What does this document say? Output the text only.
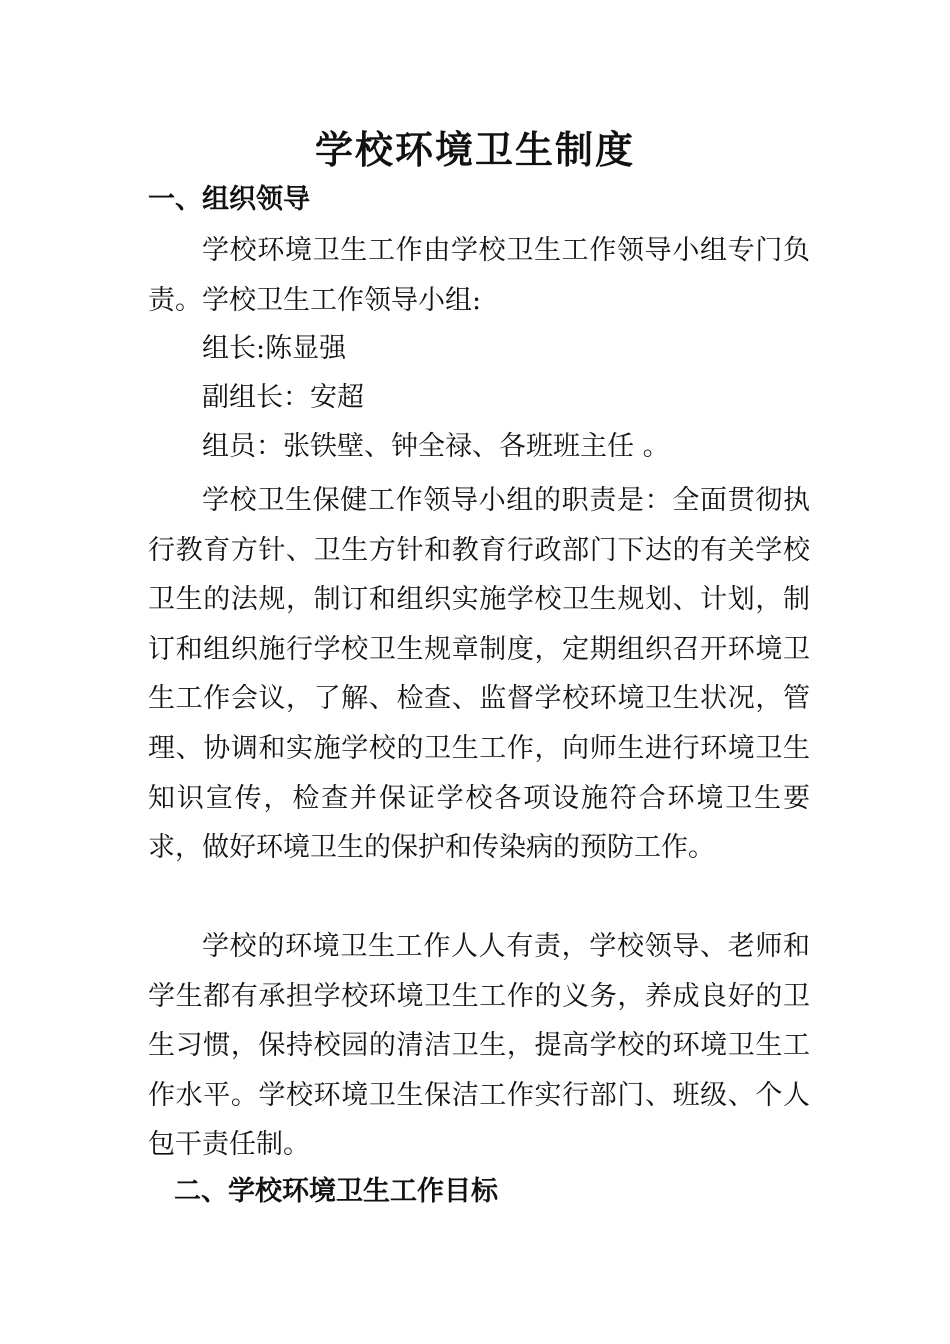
学校环境卫生制度
一、组织领导

学校环境卫生工作由学校卫生工作领导小组专门负责。学校卫生工作领导小组:

组长:陈显强
副组长：安超
组员：张铁壁、钟全禄、各班班主任 。

学校卫生保健工作领导小组的职责是：全面贯彻执行教育方针、卫生方针和教育行政部门下达的有关学校卫生的法规，制订和组织实施学校卫生规划、计划，制订和组织施行学校卫生规章制度，定期组织召开环境卫生工作会议，了解、检查、监督学校环境卫生状况，管理、协调和实施学校的卫生工作，向师生进行环境卫生知识宣传，检查并保证学校各项设施符合环境卫生要求，做好环境卫生的保护和传染病的预防工作。

学校的环境卫生工作人人有责，学校领导、老师和学生都有承担学校环境卫生工作的义务，养成良好的卫生习惯，保持校园的清洁卫生，提高学校的环境卫生工作水平。学校环境卫生保洁工作实行部门、班级、个人包干责任制。

二、学校环境卫生工作目标
